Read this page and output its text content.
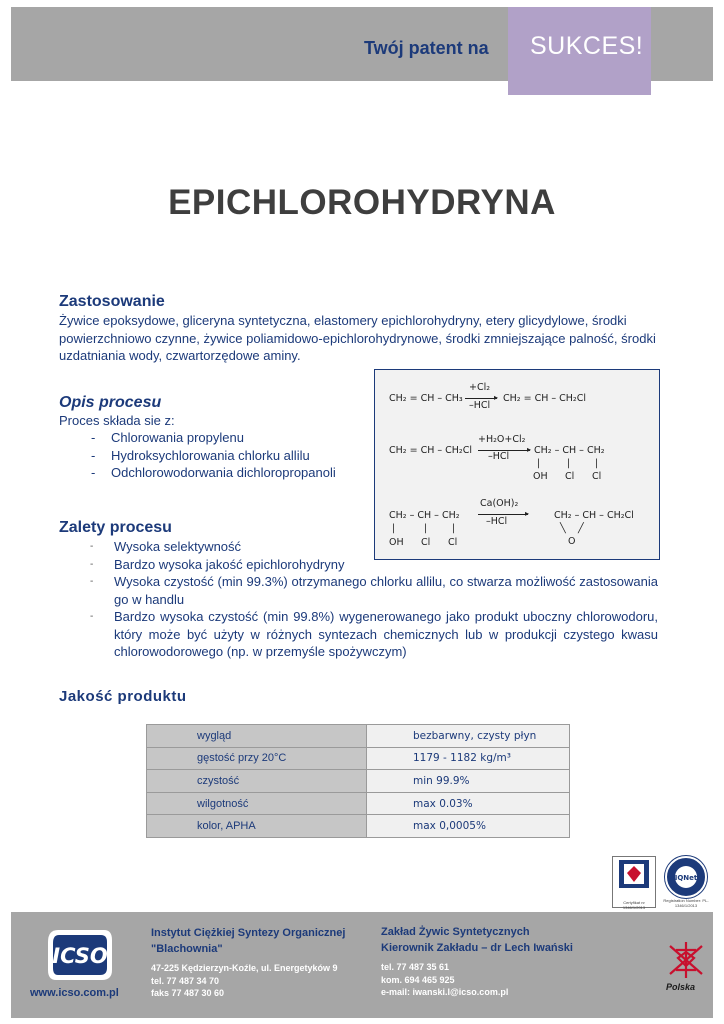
Twój patent na SUKCES!
EPICHLOROHYDRYNA
Zastosowanie
Żywice epoksydowe, gliceryna syntetyczna, elastomery epichlorohydryny, etery glicydylowe, środki powierzchniowo czynne, żywice poliamidowo-epichlorohydrynowe, środki zmniejszające palność, środki uzdatniania wody, czwartorzędowe aminy.
Opis procesu
Proces składa sie z:
- Chlorowania propylenu
- Hydroksychlorowania chlorku allilu
- Odchlorowodorwania dichloropropanoli
CH₂ = CH – CH₃
+Cl₂
▸
–HCl
CH₂ = CH – CH₂Cl
CH₂ = CH – CH₂Cl
+H₂O+Cl₂
▸
–HCl
CH₂ – CH – CH₂
|	|	|
OH Cl Cl
CH₂ – CH – CH₂
|	|	|
OH Cl Cl
Ca(OH)₂
▸
–HCl
CH₂ – CH – CH₂Cl
╲ ╱
O
Zalety procesu
- Wysoka selektywność
- Bardzo wysoka jakość epichlorohydryny
- Wysoka czystość (min 99.3%) otrzymanego chlorku allilu, co stwarza możliwość zastosowania go w handlu
- Bardzo wysoka czystość (min 99.8%) wygenerowanego jako produkt uboczny chlorowodoru, który może być użyty w różnych syntezach chemicznych lub w produkcji czystego kwasu chlorowodorowego (np. w przemyśle spożywczym)
Jakość produktu
wygląd	bezbarwny, czysty płyn
gęstość przy 20°C	1179 - 1182 kg/m³
czystość	min 99.9%
wilgotność	max 0.03%
kolor, APHA	max 0,0005%
Certyfikat nr 1346/1/2013
IQNet
Registration Number: PL-1346/1/2013
ICSO
www.icso.com.pl
Instytut Ciężkiej Syntezy Organicznej
"Blachownia"
47-225 Kędzierzyn-Koźle, ul. Energetyków 9
tel. 77 487 34 70
faks 77 487 30 60
Zakład Żywic Syntetycznych
Kierownik Zakładu – dr Lech Iwański
tel. 77 487 35 61
kom. 694 465 925
e-mail: iwanski.l@icso.com.pl	Polska
